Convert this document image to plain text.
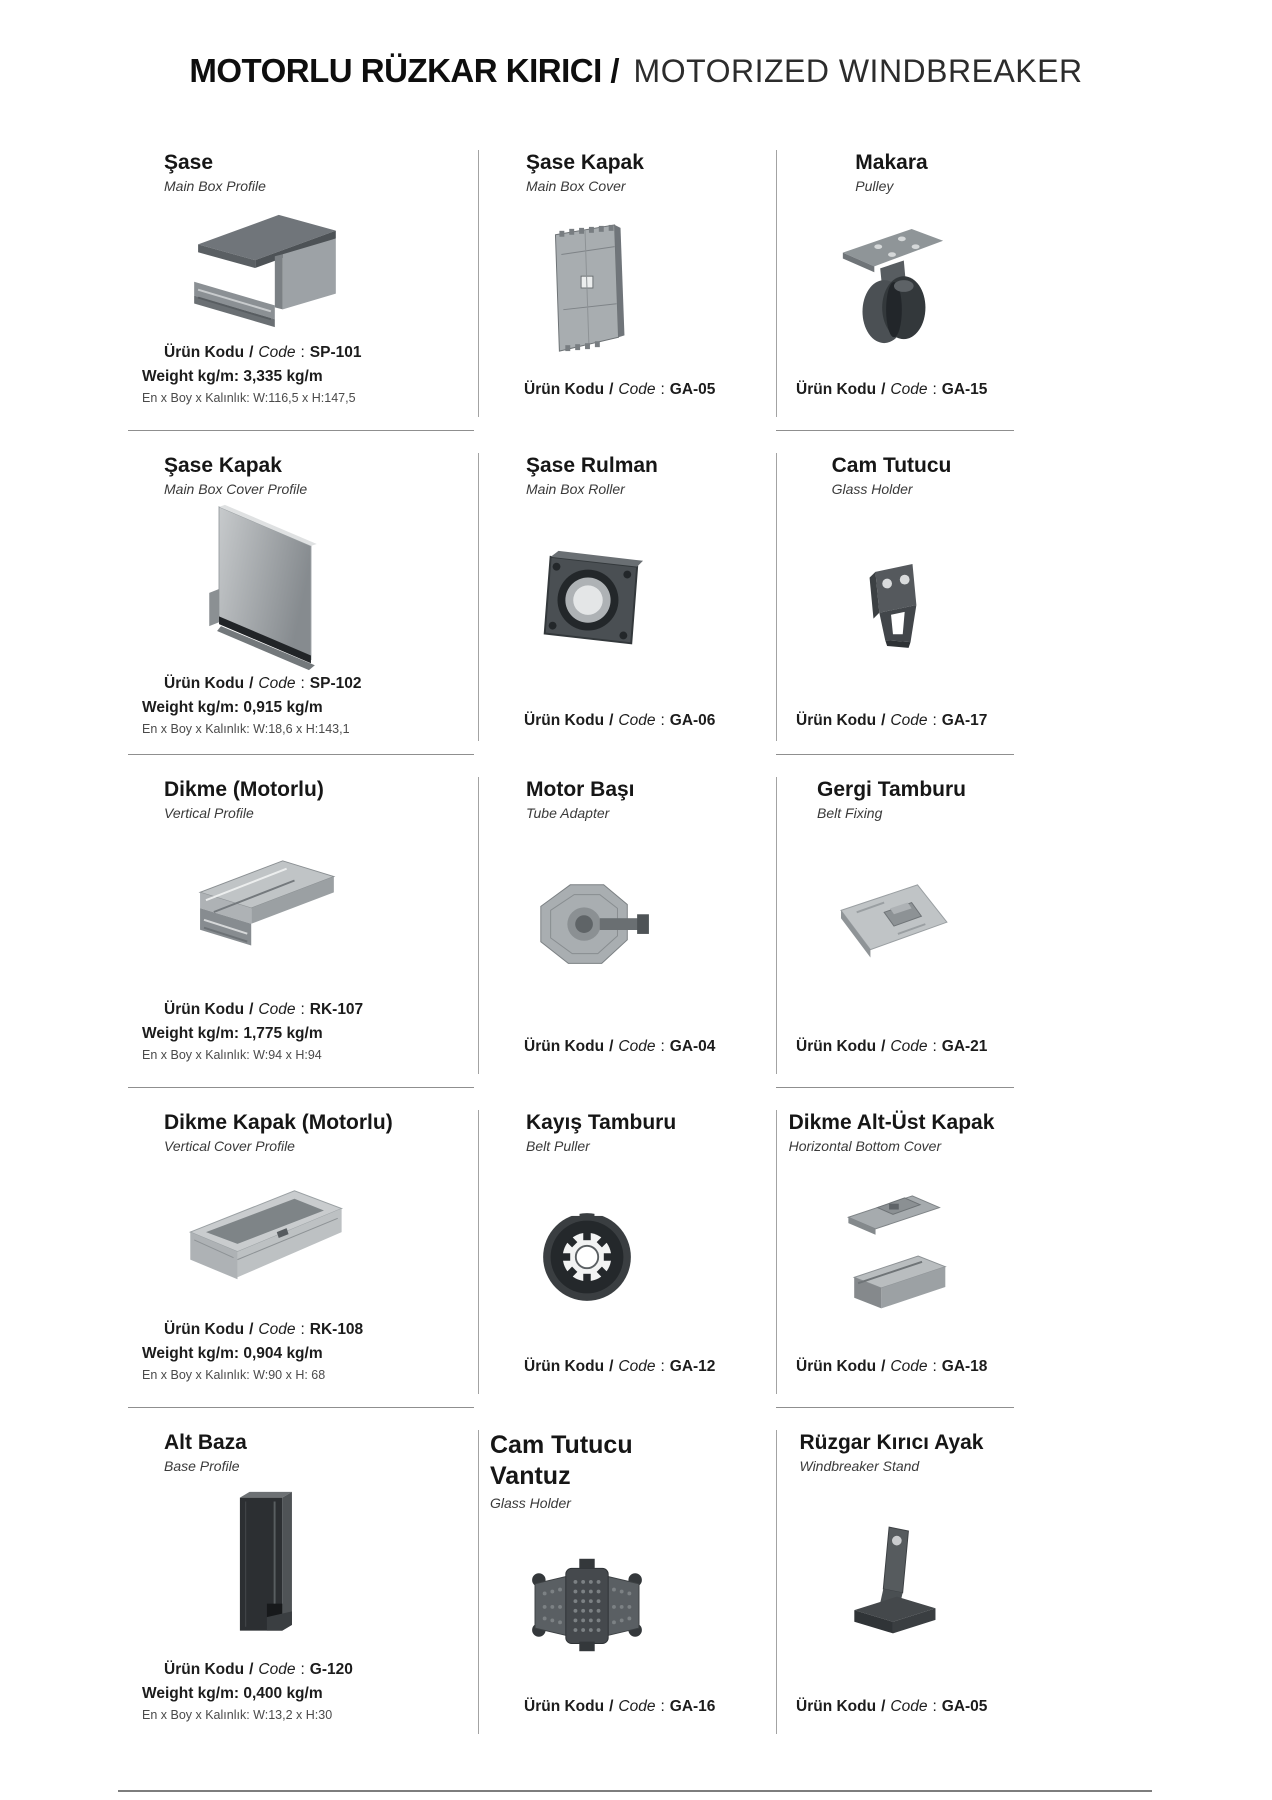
MOTORLU RÜZKAR KIRICI / MOTORIZED WINDBREAKER
Şase
Main Box Profile
Ürün Kodu / Code : SP-101
Weight kg/m: 3,335 kg/m
En x Boy x Kalınlık: W:116,5 x H:147,5
Şase Kapak
Main Box Cover
Ürün Kodu / Code : GA-05
Makara
Pulley
Ürün Kodu / Code : GA-15
Şase Kapak
Main Box Cover Profile
Ürün Kodu / Code : SP-102
Weight kg/m: 0,915 kg/m
En x Boy x Kalınlık: W:18,6 x H:143,1
Şase Rulman
Main Box Roller
Ürün Kodu / Code : GA-06
Cam Tutucu
Glass Holder
Ürün Kodu / Code : GA-17
Dikme (Motorlu)
Vertical Profile
Ürün Kodu / Code : RK-107
Weight kg/m: 1,775 kg/m
En x Boy x Kalınlık: W:94 x H:94
Motor Başı
Tube Adapter
Ürün Kodu / Code : GA-04
Gergi Tamburu
Belt Fixing
Ürün Kodu / Code : GA-21
Dikme Kapak (Motorlu)
Vertical Cover Profile
Ürün Kodu / Code : RK-108
Weight kg/m: 0,904 kg/m
En x Boy x Kalınlık: W:90 x H: 68
Kayış Tamburu
Belt Puller
Ürün Kodu / Code : GA-12
Dikme Alt-Üst Kapak
Horizontal Bottom Cover
Ürün Kodu / Code : GA-18
Alt Baza
Base Profile
Ürün Kodu / Code : G-120
Weight kg/m: 0,400 kg/m
En x Boy x Kalınlık: W:13,2 x H:30
Cam Tutucu Vantuz
Glass Holder
Ürün Kodu / Code : GA-16
Rüzgar Kırıcı Ayak
Windbreaker Stand
Ürün Kodu / Code : GA-05
